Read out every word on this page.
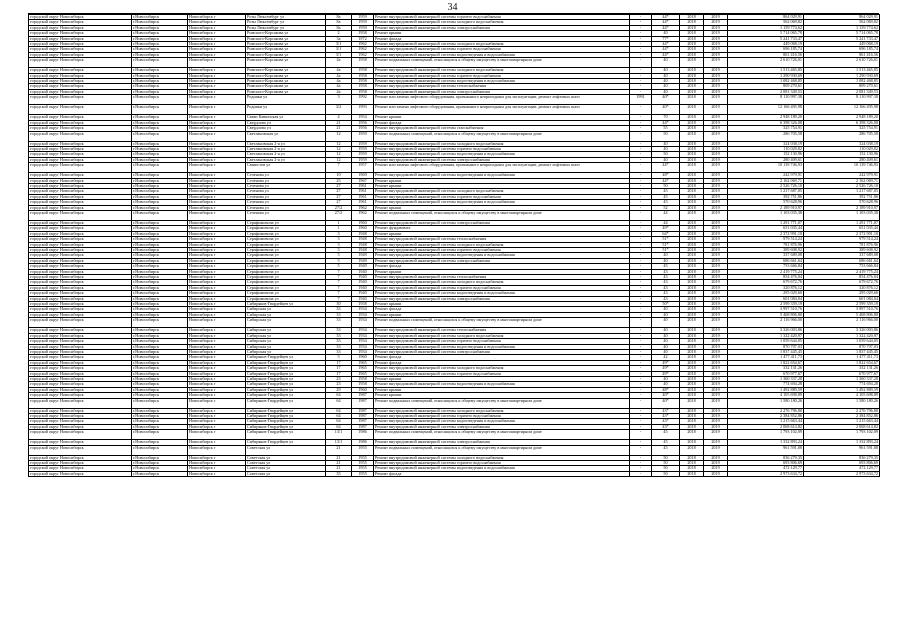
34
городской округ Новосибирск	г.Новосибирск	Новосибирск г	Розы Люксембург ул	8а	1959	Ремонт внутридомовой инженерной системы горячего водоснабжения	-	44*	2018	2019	864 029,91	864 029,91
городской округ Новосибирск	г.Новосибирск	Новосибирск г	Розы Люксембург ул	8а	1959	Ремонт внутридомовой инженерной системы холодного водоснабжения	-	44*	2018	2019	562 069,82	562 069,82
городской округ Новосибирск	г.Новосибирск	Новосибирск г	Розы Люксембург ул	8а	1959	Ремонт внутридомовой инженерной системы электроснабжения	-	44*	2018	2019	1 159 774,62	1 159 774,62
городской округ Новосибирск	г.Новосибирск	Новосибирск г	Римского-Корсакова ул	2	1958	Ремонт крыши	-	40	2018	2019	5 714 065,78	5 714 065,78
городской округ Новосибирск	г.Новосибирск	Новосибирск г	Римского-Корсакова ул	3а	1972	Ремонт фасада	-	77*	2018	2019	5 241 733,47	5 241 733,47
городской округ Новосибирск	г.Новосибирск	Новосибирск г	Римского-Корсакова ул	3/1	1962	Ремонт внутридомовой инженерной системы холодного водоснабжения	-	44*	2018	2019	449 068,19	449 068,19
городской округ Новосибирск	г.Новосибирск	Новосибирск г	Римского-Корсакова ул	3/1	1962	Ремонт внутридомовой инженерной системы горячего водоснабжения	-	44*	2018	2019	696 185,74	696 185,74
городской округ Новосибирск	г.Новосибирск	Новосибирск г	Римского-Корсакова ул	3/1	1962	Ремонт внутридомовой инженерной системы водоотведения и водоснабжения	-	44*	2018	2019	861 416,56	861 416,56
городской округ Новосибирск	г.Новосибирск	Новосибирск г	Римского-Корсакова ул	4а	1958	Ремонт подвальных помещений, относящихся к общему имуществу в многоквартирном доме	-	40	2018	2019	2 610 726,01	2 610 726,01
городской округ Новосибирск	г.Новосибирск	Новосибирск г	Римского-Корсакова ул	4а	1958	Ремонт внутридомовой инженерной системы холодного водоснабжения	-	40	2018	2019	1 513 465,85	1 513 465,85
городской округ Новосибирск	г.Новосибирск	Новосибирск г	Римского-Корсакова ул	4а	1958	Ремонт внутридомовой инженерной системы горячего водоснабжения	-	40	2018	2019	1 290 930,69	1 290 930,69
городской округ Новосибирск	г.Новосибирск	Новосибирск г	Римского-Корсакова ул	4а	1958	Ремонт внутридомовой инженерной системы водоотведения и водоснабжения	-	40	2018	2019	1 082 468,85	1 082 468,85
городской округ Новосибирск	г.Новосибирск	Новосибирск г	Римского-Корсакова ул	4а	1958	Ремонт внутридомовой инженерной системы теплоснабжения	-	40	2018	2019	809 270,61	809 270,61
городской округ Новосибирск	г.Новосибирск	Новосибирск г	Римского-Корсакова ул	4а	1958	Ремонт внутридомовой инженерной системы электроснабжения	-	40	2018	2019	2 081 349,53	2 081 349,53
городской округ Новосибирск	г.Новосибирск	Новосибирск г	Родники ул	3	1992	Ремонт или замена лифтового оборудования, признанного непригодным для эксплуатации, ремонт лифтовых шахт	1991	40*	2018	2019	8 110 997,38	8 110 997,38
городской округ Новосибирск	г.Новосибирск	Новосибирск г	Родники ул	3/2	1993	Ремонт или замена лифтового оборудования, признанного непригодным для эксплуатации, ремонт лифтовых шахт	-	40*	2018	2019	12 166 495,98	12 166 495,98
городской округ Новосибирск	г.Новосибирск	Новосибирск г	Связи Кавказская ул	4	1954	Ремонт крыши	-	70	2018	2019	2 948 189,20	2 948 189,20
городской округ Новосибирск	г.Новосибирск	Новосибирск г	Свердлова ул	21	1956	Ремонт фасада	-	44*	2018	2019	6 398 326,08	6 398 326,08
городской округ Новосибирск	г.Новосибирск	Новосибирск г	Свердлова ул	21	1956	Ремонт внутридомовой инженерной системы газоснабжения	-	55	2018	2019	325 754,91	325 754,91
городской округ Новосибирск	г.Новосибирск	Новосибирск г	Светлановская ул	12	1959	Ремонт подвальных помещений, относящихся к общему имуществу в многоквартирном доме	-	50	2018	2019	286 705,58	286 705,58
городской округ Новосибирск	г.Новосибирск	Новосибирск г	Светлановская 2-я ул	12	1959	Ремонт внутридомовой инженерной системы холодного водоснабжения	-	40	2018	2019	324 038,19	324 038,19
городской округ Новосибирск	г.Новосибирск	Новосибирск г	Светлановская 2-я ул	12	1959	Ремонт внутридомовой инженерной системы горячего водоснабжения	-	40	2018	2019	110 029,82	110 029,82
городской округ Новосибирск	г.Новосибирск	Новосибирск г	Светлановская 2-я ул	12	1959	Ремонт внутридомовой инженерной системы водоотведения и водоснабжения	-	50	2018	2019	152 130,96	152 130,96
городской округ Новосибирск	г.Новосибирск	Новосибирск г	Светлановская 2-я ул	12	1959	Ремонт внутридомовой инженерной системы электроснабжения	-	40	2018	2019	280 409,61	280 409,61
городской округ Новосибирск	г.Новосибирск	Новосибирск г	Связистов ул	7	1957	Ремонт или замена лифтового оборудования, признанного непригодным для эксплуатации, ремонт лифтовых шахт	-	44*	2018	2019	10 139 746,93	10 139 746,93
городской округ Новосибирск	г.Новосибирск	Новосибирск г	Сеченова ул	10	1969	Ремонт внутридомовой инженерной системы водоотведения и водоснабжения	-	48*	2018	2019	242 979,91	242 979,91
городской округ Новосибирск	г.Новосибирск	Новосибирск г	Сеченова ул	25	1967	Ремонт крыши	-	44*	2018	2019	2 162 069,71	2 162 069,71
городской округ Новосибирск	г.Новосибирск	Новосибирск г	Сеченова ул	27	1961	Ремонт крыши	-	50	2018	2019	2 526 726,10	2 526 726,10
городской округ Новосибирск	г.Новосибирск	Новосибирск г	Сеченова ул	27	1961	Ремонт внутридомовой инженерной системы холодного водоснабжения	-	45	2018	2019	1 217 687,05	1 217 687,05
городской округ Новосибирск	г.Новосибирск	Новосибирск г	Сеченова ул	27	1961	Ремонт внутридомовой инженерной системы горячего водоснабжения	-	45	2018	2019	392 751,86	392 751,86
городской округ Новосибирск	г.Новосибирск	Новосибирск г	Сеченова ул	27	1961	Ремонт внутридомовой инженерной системы водоотведения и водоснабжения	-	45	2018	2019	570 628,96	570 628,96
городской округ Новосибирск	г.Новосибирск	Новосибирск г	Сеченова ул	27/2	1962	Ремонт крыши	-	52	2018	2019	2 189 910,97	2 189 910,97
городской округ Новосибирск	г.Новосибирск	Новосибирск г	Сеченова ул	27/2	1962	Ремонт подвальных помещений, относящихся к общему имуществу в многоквартирном доме	-	44	2018	2019	1 103 035,38	1 103 035,38
городской округ Новосибирск	г.Новосибирск	Новосибирск г	Серафимовича ул	1	1960	Ремонт внутридомовой инженерной системы электроснабжения	-	44	2018	2019	1 291 771,07	1 291 771,07
городской округ Новосибирск	г.Новосибирск	Новосибирск г	Серафимовича ул	1	1960	Ремонт фундамента	-	49*	2018	2019	651 035,44	651 035,44
городской округ Новосибирск	г.Новосибирск	Новосибирск г	Серафимовича ул	3	1948	Ремонт крыши	-	64*	2018	2019	2 372 991,10	2 372 991,10
городской округ Новосибирск	г.Новосибирск	Новосибирск г	Серафимовича ул	3	1948	Ремонт внутридомовой инженерной системы теплоснабжения	-	51*	2018	2019	979 514,24	979 514,24
городской округ Новосибирск	г.Новосибирск	Новосибирск г	Серафимовича ул	3	1948	Ремонт внутридомовой инженерной системы холодного водоснабжения	-	51*	2018	2019	781 876,96	781 876,96
городской округ Новосибирск	г.Новосибирск	Новосибирск г	Серафимовича ул	3	1948	Ремонт внутридомовой инженерной системы горячего водоснабжения	-	51*	2018	2019	389 608,92	389 608,92
городской округ Новосибирск	г.Новосибирск	Новосибирск г	Серафимовича ул	5	1949	Ремонт внутридомовой инженерной системы водоотведения и водоснабжения	-	40	2018	2019	337 689,08	337 689,08
городской округ Новосибирск	г.Новосибирск	Новосибирск г	Серафимовича ул	5	1949	Ремонт внутридомовой инженерной системы электроснабжения	-	40	2018	2019	686 661,64	686 661,64
городской округ Новосибирск	г.Новосибирск	Новосибирск г	Серафимовича ул	5	1949	Ремонт фасада	-	45	2018	2019	753 666,84	753 666,84
городской округ Новосибирск	г.Новосибирск	Новосибирск г	Серафимовича ул	7	1940	Ремонт крыши	-	43	2018	2019	2 419 775,24	2 419 775,24
городской округ Новосибирск	г.Новосибирск	Новосибирск г	Серафимовича ул	7	1940	Ремонт внутридомовой инженерной системы теплоснабжения	-	43	2018	2019	854 476,04	854 476,04
городской округ Новосибирск	г.Новосибирск	Новосибирск г	Серафимовича ул	7	1940	Ремонт внутридомовой инженерной системы холодного водоснабжения	-	43	2018	2019	679 672,76	679 672,76
городской округ Новосибирск	г.Новосибирск	Новосибирск г	Серафимовича ул	7	1940	Ремонт внутридомовой инженерной системы горячего водоснабжения	-	43	2018	2019	320 876,12	320 876,12
городской округ Новосибирск	г.Новосибирск	Новосибирск г	Серафимовича ул	7	1940	Ремонт внутридомовой инженерной системы водоотведения и водоснабжения	-	43	2018	2019	295 029,60	295 029,60
городской округ Новосибирск	г.Новосибирск	Новосибирск г	Серафимовича ул	7	1940	Ремонт внутридомовой инженерной системы электроснабжения	-	43	2018	2019	601 084,04	601 084,04
городской округ Новосибирск	г.Новосибирск	Новосибирск г	Сибиряков-Гвардейцев ул	30	1958	Ремонт крыши	-	50*	2018	2019	2 599 359,19	2 599 359,19
городской округ Новосибирск	г.Новосибирск	Новосибирск г	Сибирская ул	33	1934	Ремонт фасада	-	40	2018	2019	3 997 510,76	3 997 510,76
городской округ Новосибирск	г.Новосибирск	Новосибирск г	Сибирская ул	33	1934	Ремонт крыши	-	40	2018	2019	5 468 806,80	5 468 806,80
городской округ Новосибирск	г.Новосибирск	Новосибирск г	Сибирская ул	33	1934	Ремонт подвальных помещений, относящихся к общему имуществу в многоквартирном доме	-	40	2018	2019	2 116 966,00	2 116 966,00
городской округ Новосибирск	г.Новосибирск	Новосибирск г	Сибирская ул	33	1934	Ремонт внутридомовой инженерной системы теплоснабжения	-	40	2018	2019	3 326 003,86	3 326 003,86
городской округ Новосибирск	г.Новосибирск	Новосибирск г	Сибирская ул	33	1934	Ремонт внутридомовой инженерной системы холодного водоснабжения	-	40	2018	2019	1 322 420,97	1 322 420,97
городской округ Новосибирск	г.Новосибирск	Новосибирск г	Сибирская ул	33	1934	Ремонт внутридомовой инженерной системы горячего водоснабжения	-	40	2018	2019	1 059 644,05	1 059 644,05
городской округ Новосибирск	г.Новосибирск	Новосибирск г	Сибирская ул	33	1934	Ремонт внутридомовой инженерной системы водоотведения и водоснабжения	-	40	2018	2019	870 707,03	870 707,03
городской округ Новосибирск	г.Новосибирск	Новосибирск г	Сибирская ул	33	1934	Ремонт внутридомовой инженерной системы электроснабжения	-	40	2018	2019	1 837 445,45	1 837 445,45
городской округ Новосибирск	г.Новосибирск	Новосибирск г	Сибиряков-Гвардейцев ул	5	1960	Ремонт фасада	-	42	2018	2019	1 477 411,73	1 477 411,73
городской округ Новосибирск	г.Новосибирск	Новосибирск г	Сибиряков-Гвардейцев ул	17	1965	Ремонт фасада	-	49*	2018	2019	1 822 654,67	1 822 654,67
городской округ Новосибирск	г.Новосибирск	Новосибирск г	Сибиряков-Гвардейцев ул	17	1965	Ремонт внутридомовой инженерной системы холодного водоснабжения	-	49*	2018	2019	332 131,26	332 131,26
городской округ Новосибирск	г.Новосибирск	Новосибирск г	Сибиряков-Гвардейцев ул	17	1965	Ремонт внутридомовой инженерной системы горячего водоснабжения	-	49*	2018	2019	670 977,67	670 977,67
городской округ Новосибирск	г.Новосибирск	Новосибирск г	Сибиряков-Гвардейцев ул	23	1958	Ремонт крыши	-	40	2018	2019	1 360 337,28	1 360 337,28
городской округ Новосибирск	г.Новосибирск	Новосибирск г	Сибиряков-Гвардейцев ул	23	1958	Ремонт внутридомовой инженерной системы водоотведения и водоснабжения	-	40	2018	2019	774 694,28	774 694,28
городской округ Новосибирск	г.Новосибирск	Новосибирск г	Сибиряков-Гвардейцев ул	29	1960	Ремонт крыши	-	48*	2018	2019	1 492 889,59	1 492 889,59
городской округ Новосибирск	г.Новосибирск	Новосибирск г	Сибиряков-Гвардейцев ул	64	1987	Ремонт крыши	-	40*	2018	2019	4 105 698,89	4 105 698,89
городской округ Новосибирск	г.Новосибирск	Новосибирск г	Сибиряков-Гвардейцев ул	64	1987	Ремонт подвальных помещений, относящихся к общему имуществу в многоквартирном доме	-	40*	2018	2019	1 580 180,26	1 580 180,26
городской округ Новосибирск	г.Новосибирск	Новосибирск г	Сибиряков-Гвардейцев ул	64	1987	Ремонт внутридомовой инженерной системы холодного водоснабжения	-	43*	2018	2019	2 276 796,80	2 276 796,80
городской округ Новосибирск	г.Новосибирск	Новосибирск г	Сибиряков-Гвардейцев ул	64	1987	Ремонт внутридомовой инженерной системы горячего водоснабжения	-	43*	2018	2019	2 384 852,86	2 384 852,86
городской округ Новосибирск	г.Новосибирск	Новосибирск г	Сибиряков-Гвардейцев ул	64	1987	Ремонт внутридомовой инженерной системы водоотведения и водоснабжения	-	43*	2018	2019	1 215 663,44	1 215 663,44
городской округ Новосибирск	г.Новосибирск	Новосибирск г	Сибиряков-Гвардейцев ул	64	1987	Ремонт внутридомовой инженерной системы электроснабжения	-	43*	2018	2019	2 068 614,82	2 068 614,82
городской округ Новосибирск	г.Новосибирск	Новосибирск г	Сибиряков-Гвардейцев ул	13/1	1986	Ремонт подвальных помещений, относящихся к общему имуществу в многоквартирном доме	-	45	2018	2019	1 793 102,09	1 793 102,09
городской округ Новосибирск	г.Новосибирск	Новосибирск г	Сибиряков-Гвардейцев ул	13/1	1986	Ремонт внутридомовой инженерной системы электроснабжения	-	45	2018	2019	1 332 893,24	1 332 893,24
городской округ Новосибирск	г.Новосибирск	Новосибирск г	Советская ул	21	1955	Ремонт подвальных помещений, относящихся к общему имуществу в многоквартирном доме	-	45	2018	2019	961 591,08	961 591,08
городской округ Новосибирск	г.Новосибирск	Новосибирск г	Советская ул	21	1955	Ремонт внутридомовой инженерной системы холодного водоснабжения	-	50	2018	2019	836 279,35	836 279,35
городской округ Новосибирск	г.Новосибирск	Новосибирск г	Советская ул	21	1955	Ремонт внутридомовой инженерной системы горячего водоснабжения	-	50	2018	2019	693 806,69	693 806,69
городской округ Новосибирск	г.Новосибирск	Новосибирск г	Советская ул	21	1955	Ремонт внутридомовой инженерной системы водоотведения и водоснабжения	-	50	2018	2019	472 129,77	472 129,77
городской округ Новосибирск	г.Новосибирск	Новосибирск г	Советская ул	35	1955	Ремонт фасада	-	50	2018	2019	2 973 634,72	2 973 634,72
